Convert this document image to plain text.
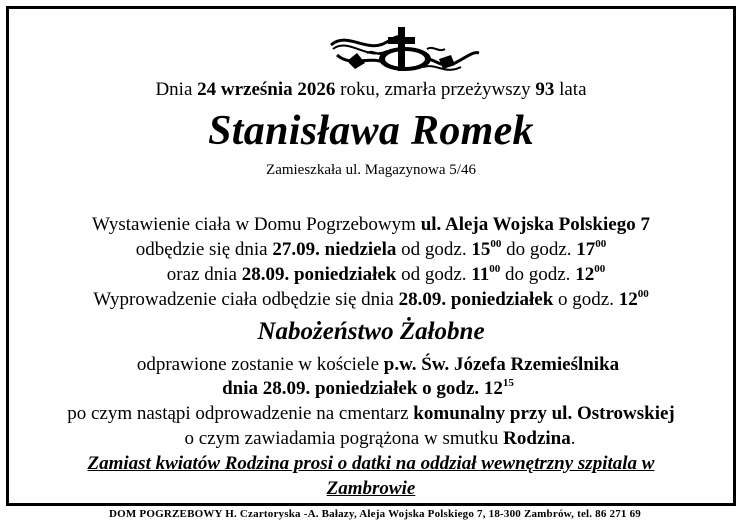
Dnia 24 września 2026 roku, zmarła przeżywszy 93 lata
Stanisława Romek
Zamieszkała ul. Magazynowa 5/46
Wystawienie ciała w Domu Pogrzebowym ul. Aleja Wojska Polskiego 7
odbędzie się dnia 27.09. niedziela od godz. $15^{00}$ do godz. $17^{00}$
oraz dnia 28.09. poniedziałek od godz. $11^{00}$ do godz. $12^{00}$
Wyprowadzenie ciała odbędzie się dnia 28.09. poniedziałek o godz. $12^{00}$
Nabożeństwo Żałobne
odprawione zostanie w kościele p.w. Św. Józefa Rzemieślnika
dnia 28.09. poniedziałek o godz. $12^{15}$
po czym nastąpi odprowadzenie na cmentarz komunalny przy ul. Ostrowskiej
o czym zawiadamia pogrążona w smutku Rodzina.
Zamiast kwiatów Rodzina prosi o datki na oddział wewnętrzny szpitala w
Zambrowie
DOM POGRZEBOWY H. Czartoryska -A. Bałazy, Aleja Wojska Polskiego 7, 18-300 Zambrów, tel. 86 271 69
